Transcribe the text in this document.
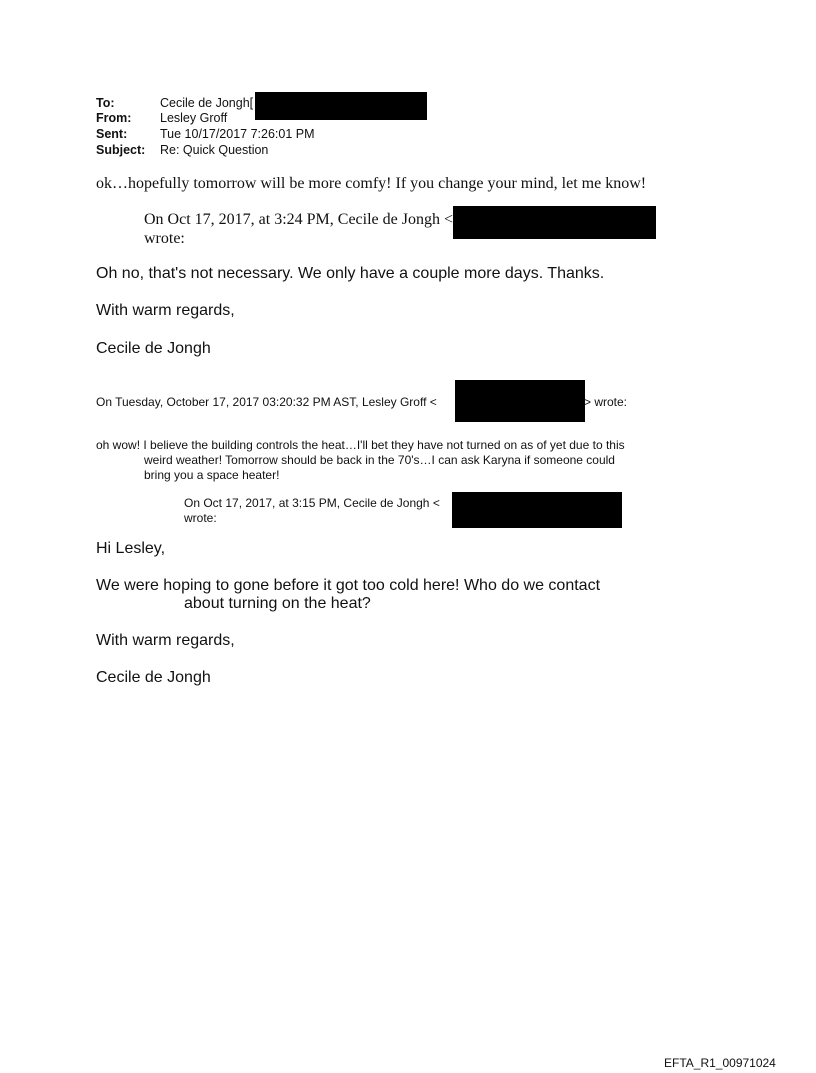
To:	Cecile de Jongh[
From: Lesley Groff
Sent:	Tue 10/17/2017 7:26:01 PM
Subject: Re: Quick Question
ok…hopefully tomorrow will be more comfy! If you change your mind, let me know!
On Oct 17, 2017, at 3:24 PM, Cecile de Jongh <
wrote:
Oh no, that's not necessary. We only have a couple more days. Thanks.
With warm regards,
Cecile de Jongh
On Tuesday, October 17, 2017 03:20:32 PM AST, Lesley Groff <	> wrote:
oh wow! I believe the building controls the heat…I'll bet they have not turned on as of yet due to this
weird weather! Tomorrow should be back in the 70's…I can ask Karyna if someone could
bring you a space heater!
On Oct 17, 2017, at 3:15 PM, Cecile de Jongh <
wrote:
Hi Lesley,
We were hoping to gone before it got too cold here! Who do we contact
about turning on the heat?
With warm regards,
Cecile de Jongh
EFTA_R1_00971024
